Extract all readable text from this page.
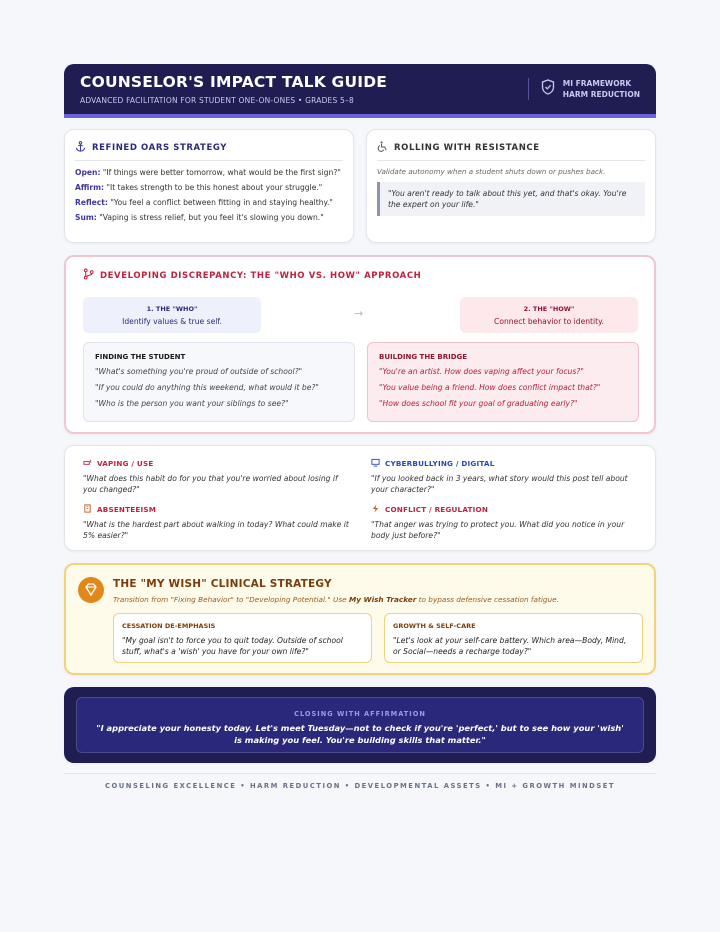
COUNSELOR'S IMPACT TALK GUIDE
ADVANCED FACILITATION FOR STUDENT ONE-ON-ONES • GRADES 5–8
MI FRAMEWORK
HARM REDUCTION
REFINED OARS STRATEGY
Open: "If things were better tomorrow, what would be the first sign?"
Affirm: "It takes strength to be this honest about your struggle."
Reflect: "You feel a conflict between fitting in and staying healthy."
Sum: "Vaping is stress relief, but you feel it's slowing you down."
ROLLING WITH RESISTANCE
Validate autonomy when a student shuts down or pushes back.
"You aren't ready to talk about this yet, and that's okay. You're the expert on your life."
DEVELOPING DISCREPANCY: THE "WHO VS. HOW" APPROACH
1. THE "WHO"
Identify values & true self.
→	2. THE "HOW"
Connect behavior to identity.
FINDING THE STUDENT
"What's something you're proud of outside of school?"
"If you could do anything this weekend, what would it be?"
"Who is the person you want your siblings to see?"
BUILDING THE BRIDGE
"You're an artist. How does vaping affect your focus?"
"You value being a friend. How does conflict impact that?"
"How does school fit your goal of graduating early?"
VAPING / USE
"What does this habit do for you that you're worried about losing if you changed?"
CYBERBULLYING / DIGITAL
"If you looked back in 3 years, what story would this post tell about your character?"
ABSENTEEISM
"What is the hardest part about walking in today? What could make it 5% easier?"
CONFLICT / REGULATION
"That anger was trying to protect you. What did you notice in your body just before?"
THE "MY WISH" CLINICAL STRATEGY
Transition from "Fixing Behavior" to "Developing Potential." Use My Wish Tracker to bypass defensive cessation fatigue.
CESSATION DE-EMPHASIS
"My goal isn't to force you to quit today. Outside of school stuff, what's a 'wish' you have for your own life?"
GROWTH & SELF-CARE
"Let's look at your self-care battery. Which area—Body, Mind, or Social—needs a recharge today?"
CLOSING WITH AFFIRMATION
"I appreciate your honesty today. Let's meet Tuesday—not to check if you're 'perfect,' but to see how your 'wish' is making you feel. You're building skills that matter."
COUNSELING EXCELLENCE • HARM REDUCTION • DEVELOPMENTAL ASSETS • MI + GROWTH MINDSET
